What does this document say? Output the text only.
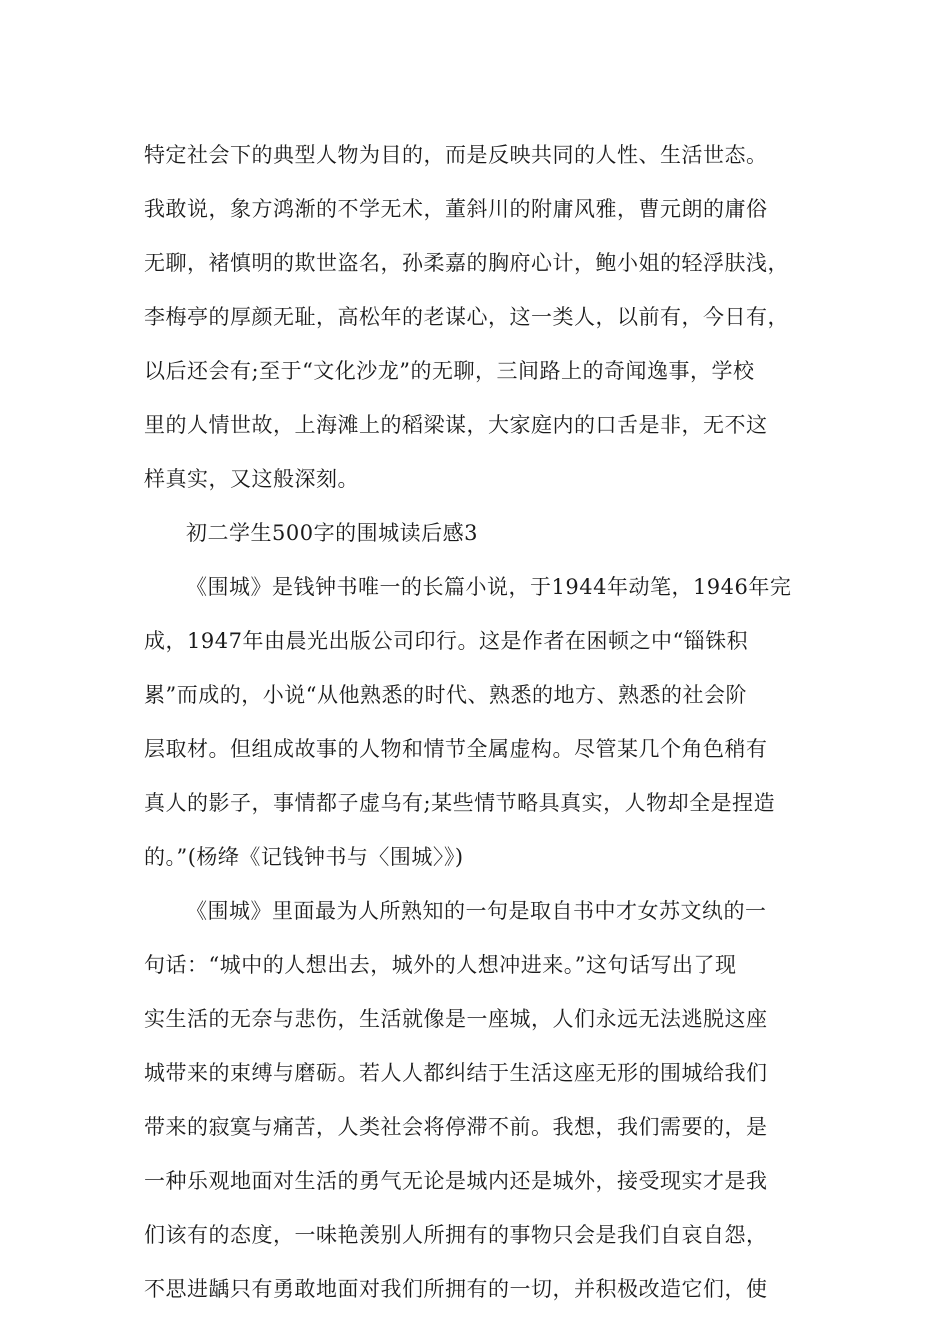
特定社会下的典型人物为目的，而是反映共同的人性、生活世态。
我敢说，象方鸿渐的不学无术，董斜川的附庸风雅，曹元朗的庸俗
无聊，褚慎明的欺世盗名，孙柔嘉的胸府心计，鲍小姐的轻浮肤浅，
李梅亭的厚颜无耻，高松年的老谋心，这一类人，以前有，今日有，
以后还会有;至于“文化沙龙”的无聊，三间路上的奇闻逸事，学校
里的人情世故，上海滩上的稻梁谋，大家庭内的口舌是非，无不这
样真实，又这般深刻。
初二学生500字的围城读后感3
《围城》是钱钟书唯一的长篇小说，于1944年动笔，1946年完
成，1947年由晨光出版公司印行。这是作者在困顿之中“锱铢积
累”而成的，小说“从他熟悉的时代、熟悉的地方、熟悉的社会阶
层取材。但组成故事的人物和情节全属虚构。尽管某几个角色稍有
真人的影子，事情都子虚乌有;某些情节略具真实，人物却全是捏造
的。”(杨绛《记钱钟书与〈围城〉》)
《围城》里面最为人所熟知的一句是取自书中才女苏文纨的一
句话：“城中的人想出去，城外的人想冲进来。”这句话写出了现
实生活的无奈与悲伤，生活就像是一座城，人们永远无法逃脱这座
城带来的束缚与磨砺。若人人都纠结于生活这座无形的围城给我们
带来的寂寞与痛苦，人类社会将停滞不前。我想，我们需要的，是
一种乐观地面对生活的勇气无论是城内还是城外，接受现实才是我
们该有的态度，一味艳羡别人所拥有的事物只会是我们自哀自怨，
不思进龋只有勇敢地面对我们所拥有的一切，并积极改造它们，使
